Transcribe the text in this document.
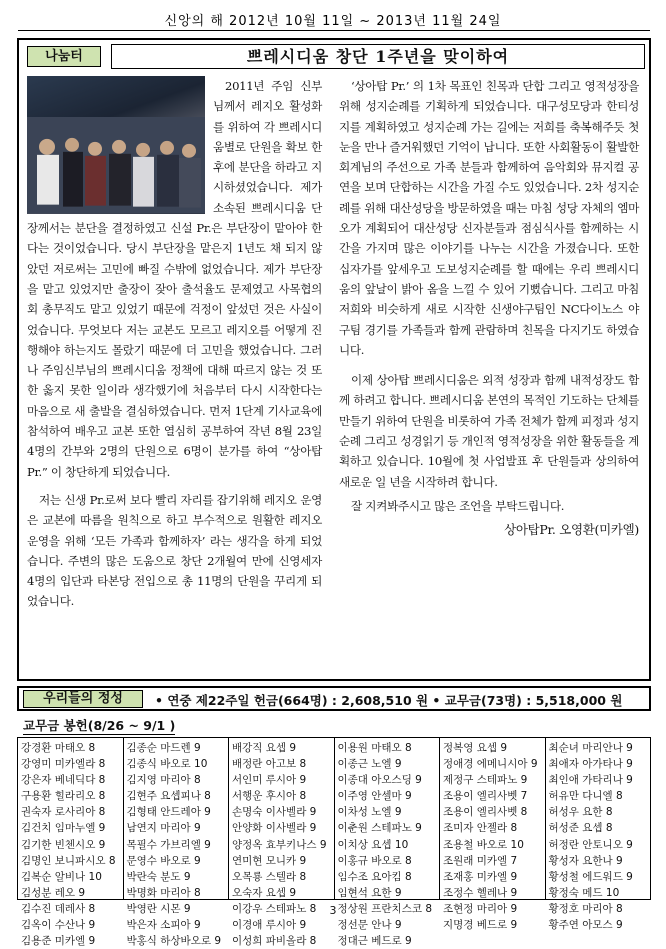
신앙의 해 2012년 10월 11일 ~ 2013년 11월 24일
나눔터	쁘레시디움 창단 1주년을 맞이하여

2011년 주임 신부님께서 레지오 활성화를 위하여 각 쁘레시디움별로 단원을 확보 한 후에 분단을 하라고 지시하셨었습니다. 제가 소속된 쁘레시디움 단장께서는 분단을 결정하였고 신설 Pr.은 부단장이 맡아야 한다는 것이었습니다. 당시 부단장을 맡은지 1년도 채 되지 않았던 저로써는 고민에 빠질 수밖에 없었습니다. 제가 부단장을 맡고 있었지만 출장이 잦아 출석율도 문제였고 사목협의회 총무직도 맡고 있었기 때문에 걱정이 앞섰던 것은 사실이었습니다. 무엇보다 저는 교본도 모르고 레지오를 어떻게 진행해야 하는지도 몰랐기 때문에 더 고민을 했었습니다. 그러나 주임신부님의 쁘레시디움 정책에 대해 따르지 않는 것 또한 옳지 못한 일이라 생각했기에 처음부터 다시 시작한다는 마음으로 새 출발을 결심하였습니다. 먼저 1단계 기사교육에 참석하여 배우고 교본 또한 열심히 공부하여 작년 8월 23일 4명의 간부와 2명의 단원으로 6명이 분가를 하여 “상아탑 Pr.” 이 창단하게 되었습니다.

저는 신생 Pr.로써 보다 빨리 자리를 잡기위해 레지오 운영은 교본에 따름을 원칙으로 하고 부수적으로 원활한 레지오 운영을 위해 ‘모든 가족과 함께하자’ 라는 생각을 하게 되었습니다. 주변의 많은 도움으로 창단 2개월여 만에 신영세자 4명의 입단과 타본당 전입으로 총 11명의 단원을 꾸리게 되었습니다.

‘상아탑 Pr.’ 의 1차 목표인 친목과 단합 그리고 영적성장을 위해 성지순례를 기획하게 되었습니다. 대구성모당과 한티성지를 계획하였고 성지순례 가는 길에는 저희를 축복해주듯 첫눈을 만나 즐거워했던 기억이 납니다. 또한 사회활동이 활발한 회계님의 주선으로 가족 분들과 함께하여 음악회와 뮤지컬 공연을 보며 단합하는 시간을 가질 수도 있었습니다. 2차 성지순례를 위해 대산성당을 방문하였을 때는 마침 성당 자체의 엠마오가 계획되어 대산성당 신자분들과 점심식사를 함께하는 시간을 가지며 많은 이야기를 나누는 시간을 가졌습니다. 또한 십자가를 앞세우고 도보성지순례를 할 때에는 우리 쁘레시디움의 앞날이 밝아 옴을 느낄 수 있어 기뻤습니다. 그리고 마침 저희와 비슷하게 새로 시작한 신생야구팀인 NC다이노스 야구팀 경기를 가족들과 함께 관람하며 친목을 다지기도 하였습니다.

이제 상아탑 쁘레시디움은 외적 성장과 함께 내적성장도 함께 하려고 합니다. 쁘레시디움 본연의 목적인 기도하는 단체를 만들기 위하여 단원을 비롯하여 가족 전체가 함께 피정과 성지순례 그리고 성경읽기 등 개인적 영적성장을 위한 활동들을 계획하고 있습니다. 10월에 첫 사업발표 후 단원들과 상의하여 새로운 일 년을 시작하려 합니다.

잘 지켜봐주시고 많은 조언을 부탁드립니다.

상아탑Pr. 오영환(미카엘)
우리들의 정성	• 연중 제22주일 헌금(664명) : 2,608,510 원 • 교무금(73명) : 5,518,000 원
교무금 봉헌(8/26 ~ 9/1 )
강경환 마태오 8
강영미 미카엘라 8
강은자 베네딕다 8
구용환 힐라리오 8
권숙자 로사리아 8
김건치 임마누엘 9
김기한 빈첸시오 9
김명인 보니파시오 8
김복순 알비나 10
김성분 레오 9
김수진 데레사 8
김옥이 수산나 9
김용준 미카엘 9
김종순 마드렌 9
김종식 바오로 10
김지영 마리아 8
김현주 요셉피나 8
김형태 안드레아 9
남연지 마리아 9
목필수 가브리엘 9
문영수 바오로 9
박란숙 분도 9
박명화 마리아 8
박영란 시몬 9
박은자 소피아 9
박홍식 하상바오로 9
배강직 요셉 9
배정란 아고보 8
서인미 루시아 9
서행운 후시아 8
손명숙 이사벨라 9
안양화 이사벨라 9
양정옥 효부키나스 9
연미현 모니카 9
오목룡 스텔라 8
오숙자 요셉 9
이강우 스테파노 8
이경애 루시아 9
이성희 파비올라 8
이용원 마태오 8
이종근 노엘 9
이종대 아오스딩 9
이주영 안셀마 9
이차성 노엘 9
이춘원 스테파노 9
이치상 요셉 10
이홍규 바오로 8
임수조 요아킴 8
임현석 요한 9
정상원 프란치스코 8
정선문 안나 9
정대근 베드로 9
정복영 요셉 9
정애경 에메니시아 9
제정구 스테파노 9
조용이 엘리사벳 7
조용이 엘리사벳 8
조미자 안젤라 8
조용철 바오로 10
조원래 미카엘 7
조재홍 미카엘 9
조정수 헬레나 9
조현정 마리아 9
지명경 베드로 9

최순녀 마리안나 9
최애자 아가타나 9
최인애 가타리나 9
허유만 다니엘 8
허성우 요한 8
허성준 요셉 8
허정란 안토니오 9
황성자 요한나 9
황성철 에드워드 9
황정숙 메드 10
황정호 마리아 8
황주연 아모스 9

3
